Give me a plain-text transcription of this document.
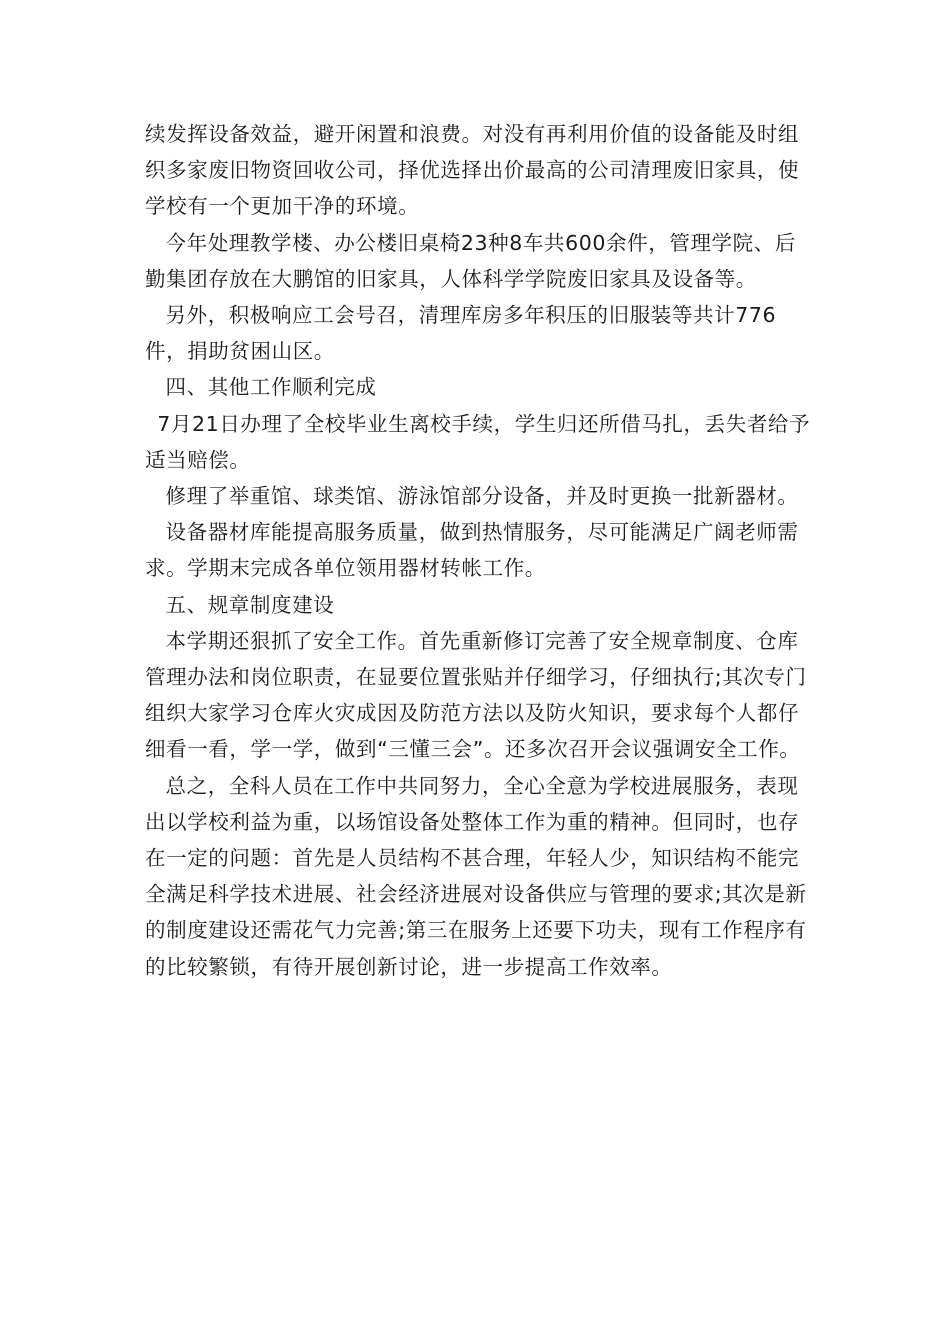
续发挥设备效益，避开闲置和浪费。对没有再利用价值的设备能及时组织多家废旧物资回收公司，择优选择出价最高的公司清理废旧家具，使学校有一个更加干净的环境。

今年处理教学楼、办公楼旧桌椅23种8车共600余件，管理学院、后勤集团存放在大鹏馆的旧家具，人体科学学院废旧家具及设备等。

另外，积极响应工会号召，清理库房多年积压的旧服装等共计776件，捐助贫困山区。

四、其他工作顺利完成

7月21日办理了全校毕业生离校手续，学生归还所借马扎，丢失者给予适当赔偿。

修理了举重馆、球类馆、游泳馆部分设备，并及时更换一批新器材。

设备器材库能提高服务质量，做到热情服务，尽可能满足广阔老师需求。学期末完成各单位领用器材转帐工作。

五、规章制度建设

本学期还狠抓了安全工作。首先重新修订完善了安全规章制度、仓库管理办法和岗位职责，在显要位置张贴并仔细学习，仔细执行;其次专门组织大家学习仓库火灾成因及防范方法以及防火知识，要求每个人都仔细看一看，学一学，做到“三懂三会”。还多次召开会议强调安全工作。

总之，全科人员在工作中共同努力，全心全意为学校进展服务，表现出以学校利益为重，以场馆设备处整体工作为重的精神。但同时，也存在一定的问题：首先是人员结构不甚合理，年轻人少，知识结构不能完全满足科学技术进展、社会经济进展对设备供应与管理的要求;其次是新的制度建设还需花气力完善;第三在服务上还要下功夫，现有工作程序有的比较繁锁，有待开展创新讨论，进一步提高工作效率。
